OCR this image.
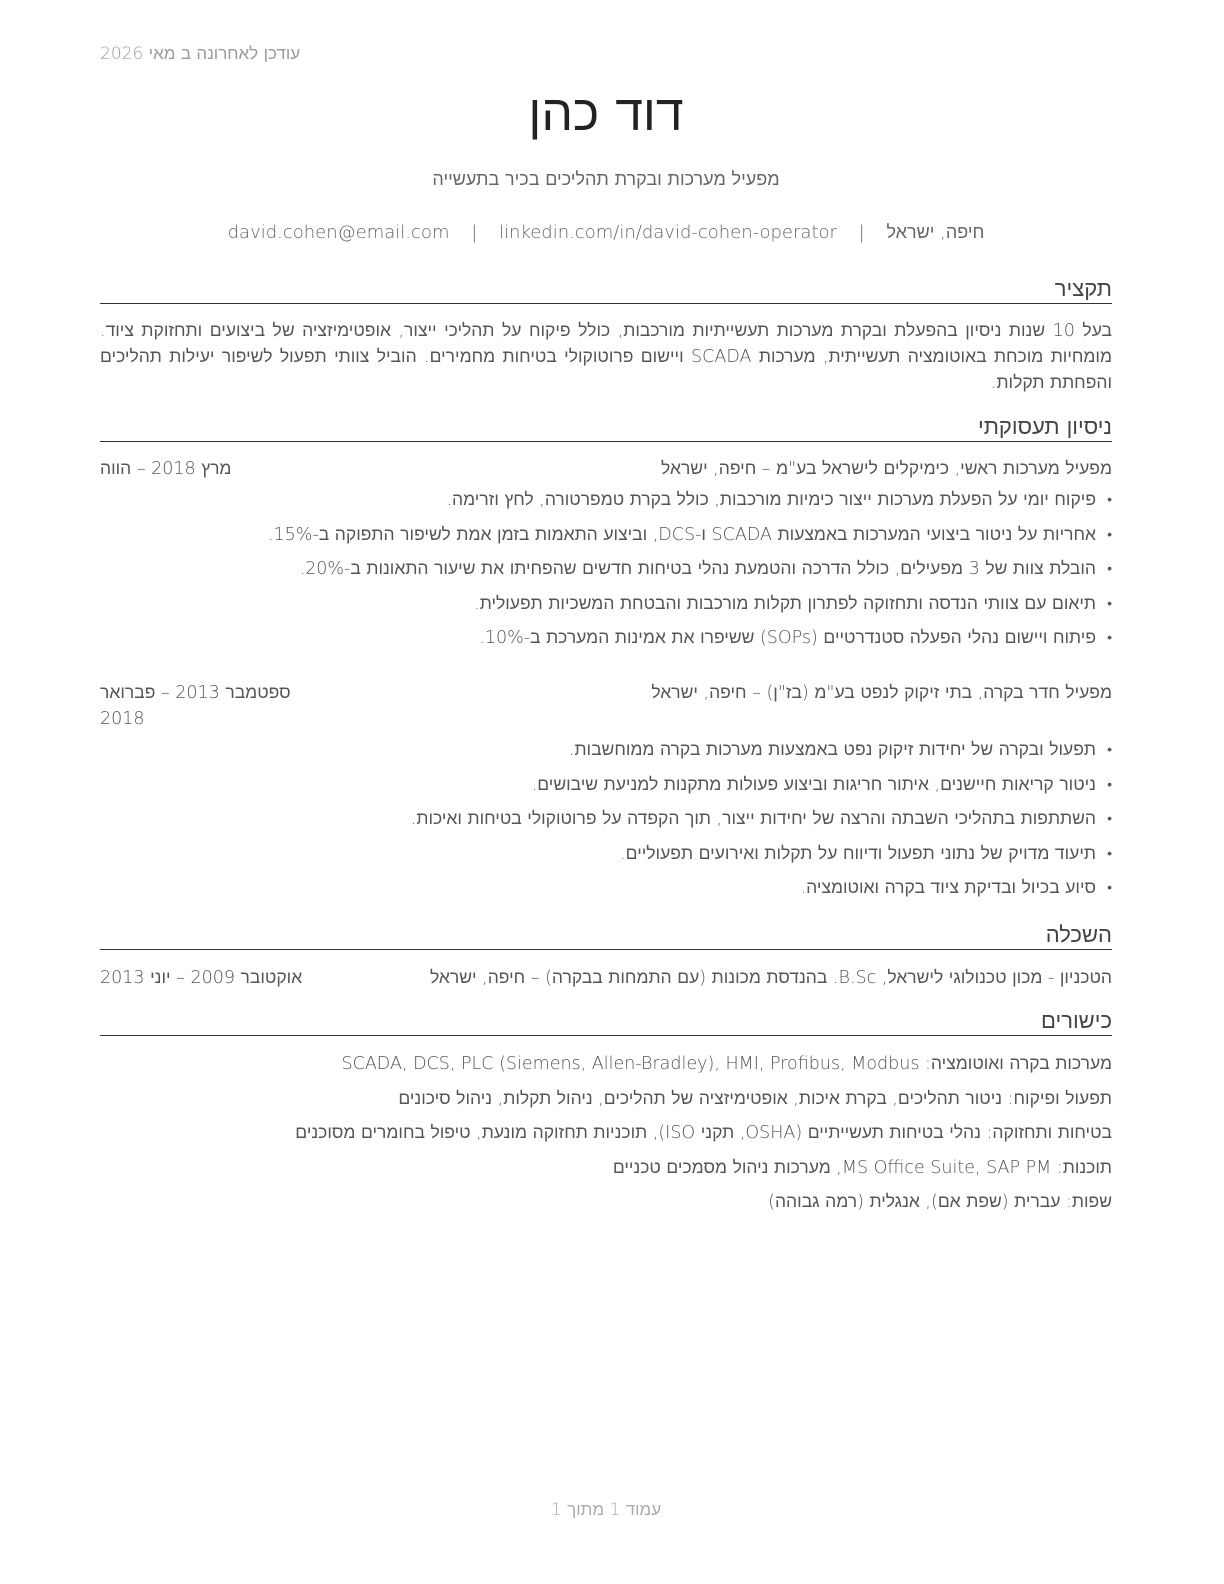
עודכן לאחרונה ב מאי 2026
דוד כהן
מפעיל מערכות ובקרת תהליכים בכיר בתעשייה
חיפה, ישראל | david.cohen@email.com | linkedin.com/in/david-cohen-operator
תקציר
בעל 10 שנות ניסיון בהפעלת ובקרת מערכות תעשייתיות מורכבות, כולל פיקוח על תהליכי ייצור, אופטימיזציה של ביצועים ותחזוקת ציוד. מומחיות מוכחת באוטומציה תעשייתית, מערכות SCADA ויישום פרוטוקולי בטיחות מחמירים. הוביל צוותי תפעול לשיפור יעילות תהליכים והפחתת תקלות.
ניסיון תעסוקתי
מפעיל מערכות ראשי, כימיקלים לישראל בע"מ – חיפה, ישראל
מרץ 2018 – הווה
• פיקוח יומי על הפעלת מערכות ייצור כימיות מורכבות, כולל בקרת טמפרטורה, לחץ וזרימה.
• אחריות על ניטור ביצועי המערכות באמצעות SCADA ו-DCS, וביצוע התאמות בזמן אמת לשיפור התפוקה ב-15%.
• הובלת צוות של 3 מפעילים, כולל הדרכה והטמעת נהלי בטיחות חדשים שהפחיתו את שיעור התאונות ב-20%.
• תיאום עם צוותי הנדסה ותחזוקה לפתרון תקלות מורכבות והבטחת המשכיות תפעולית.
• פיתוח ויישום נהלי הפעלה סטנדרטיים (SOPs) ששיפרו את אמינות המערכת ב-10%.
מפעיל חדר בקרה, בתי זיקוק לנפט בע"מ (בז"ן) – חיפה, ישראל
ספטמבר 2013 – פברואר 2018
• תפעול ובקרה של יחידות זיקוק נפט באמצעות מערכות בקרה ממוחשבות.
• ניטור קריאות חיישנים, איתור חריגות וביצוע פעולות מתקנות למניעת שיבושים.
• השתתפות בתהליכי השבתה והרצה של יחידות ייצור, תוך הקפדה על פרוטוקולי בטיחות ואיכות.
• תיעוד מדויק של נתוני תפעול ודיווח על תקלות ואירועים תפעוליים.
• סיוע בכיול ובדיקת ציוד בקרה ואוטומציה.
השכלה
הטכניון - מכון טכנולוגי לישראל, B.Sc. בהנדסת מכונות (עם התמחות בבקרה) – חיפה, ישראל
אוקטובר 2009 – יוני 2013
כישורים
מערכות בקרה ואוטומציה: SCADA, DCS, PLC (Siemens, Allen-Bradley), HMI, Profibus, Modbus
תפעול ופיקוח: ניטור תהליכים, בקרת איכות, אופטימיזציה של תהליכים, ניהול תקלות, ניהול סיכונים
בטיחות ותחזוקה: נהלי בטיחות תעשייתיים (OSHA, תקני ISO), תוכניות תחזוקה מונעת, טיפול בחומרים מסוכנים
תוכנות: MS Office Suite, SAP PM, מערכות ניהול מסמכים טכניים
שפות: עברית (שפת אם), אנגלית (רמה גבוהה)
עמוד 1 מתוך 1
